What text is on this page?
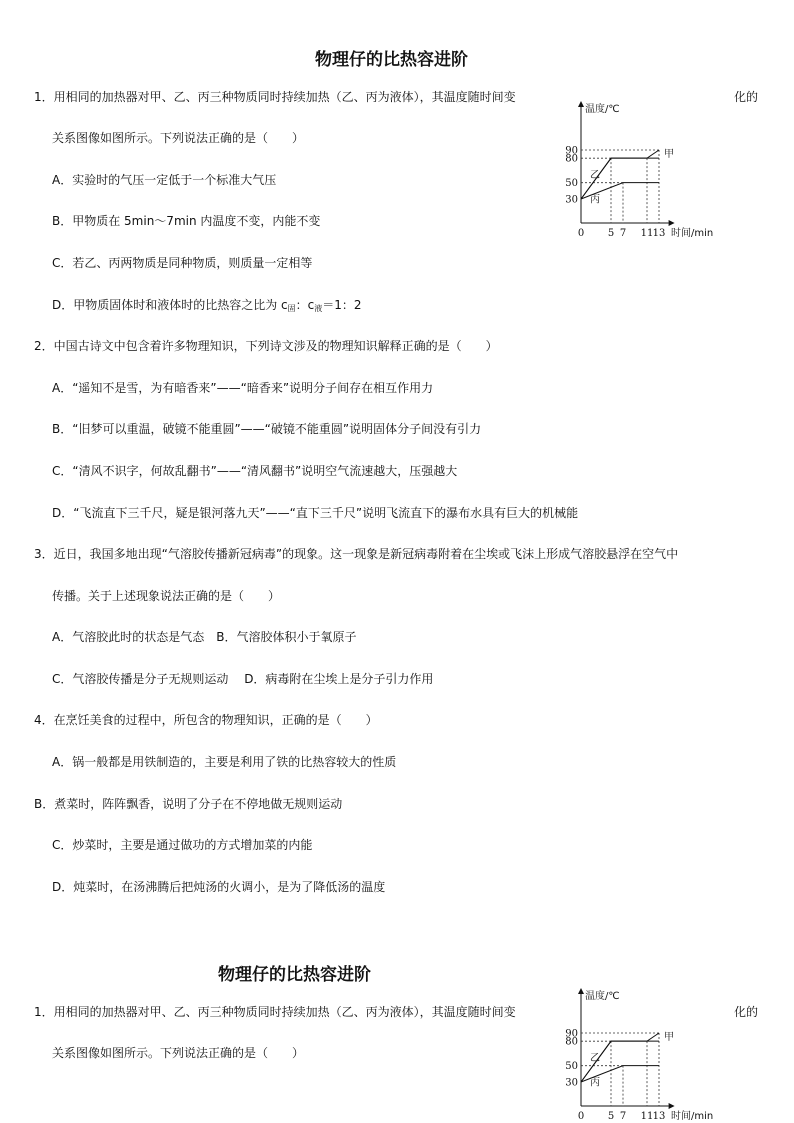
物理仔的比热容进阶
1．用相同的加热器对甲、乙、丙三种物质同时持续加热（乙、丙为液体），其温度随时间变	化的
关系图像如图所示。下列说法正确的是（　　）
A．实验时的气压一定低于一个标准大气压
B．甲物质在 5min～7min 内温度不变，内能不变
C．若乙、丙两物质是同种物质，则质量一定相等
D．甲物质固体时和液体时的比热容之比为 $c_固$：$c_液=1$：2
2．中国古诗文中包含着许多物理知识，下列诗文涉及的物理知识解释正确的是（　　）
A．“遥知不是雪，为有暗香来”——“暗香来”说明分子间存在相互作用力
B．“旧梦可以重温，破镜不能重圆”——“破镜不能重圆”说明固体分子间没有引力
C．“清风不识字，何故乱翻书”——“清风翻书”说明空气流速越大，压强越大
D．“飞流直下三千尺，疑是银河落九天”——“直下三千尺”说明飞流直下的瀑布水具有巨大的机械能
3．近日，我国多地出现“气溶胶传播新冠病毒”的现象。这一现象是新冠病毒附着在尘埃或飞沫上形成气溶胶悬浮在空气中
传播。关于上述现象说法正确的是（　　）
A．气溶胶此时的状态是气态　B．气溶胶体积小于氧原子
C．气溶胶传播是分子无规则运动　 D．病毒附在尘埃上是分子引力作用
4．在烹饪美食的过程中，所包含的物理知识，正确的是（　　）
A．锅一般都是用铁制造的，主要是利用了铁的比热容较大的性质
B．煮菜时，阵阵飘香，说明了分子在不停地做无规则运动
C．炒菜时，主要是通过做功的方式增加菜的内能
D．炖菜时，在汤沸腾后把炖汤的火调小，是为了降低汤的温度
物理仔的比热容进阶
1．用相同的加热器对甲、乙、丙三种物质同时持续加热（乙、丙为液体），其温度随时间变	化的
关系图像如图所示。下列说法正确的是（　　）
温度/℃
时间/min
30
50
80
90
0 5 7 11 13
甲
乙
丙
温度/℃
时间/min
30
50
80
90
0 5 7 11 13
甲
乙
丙
